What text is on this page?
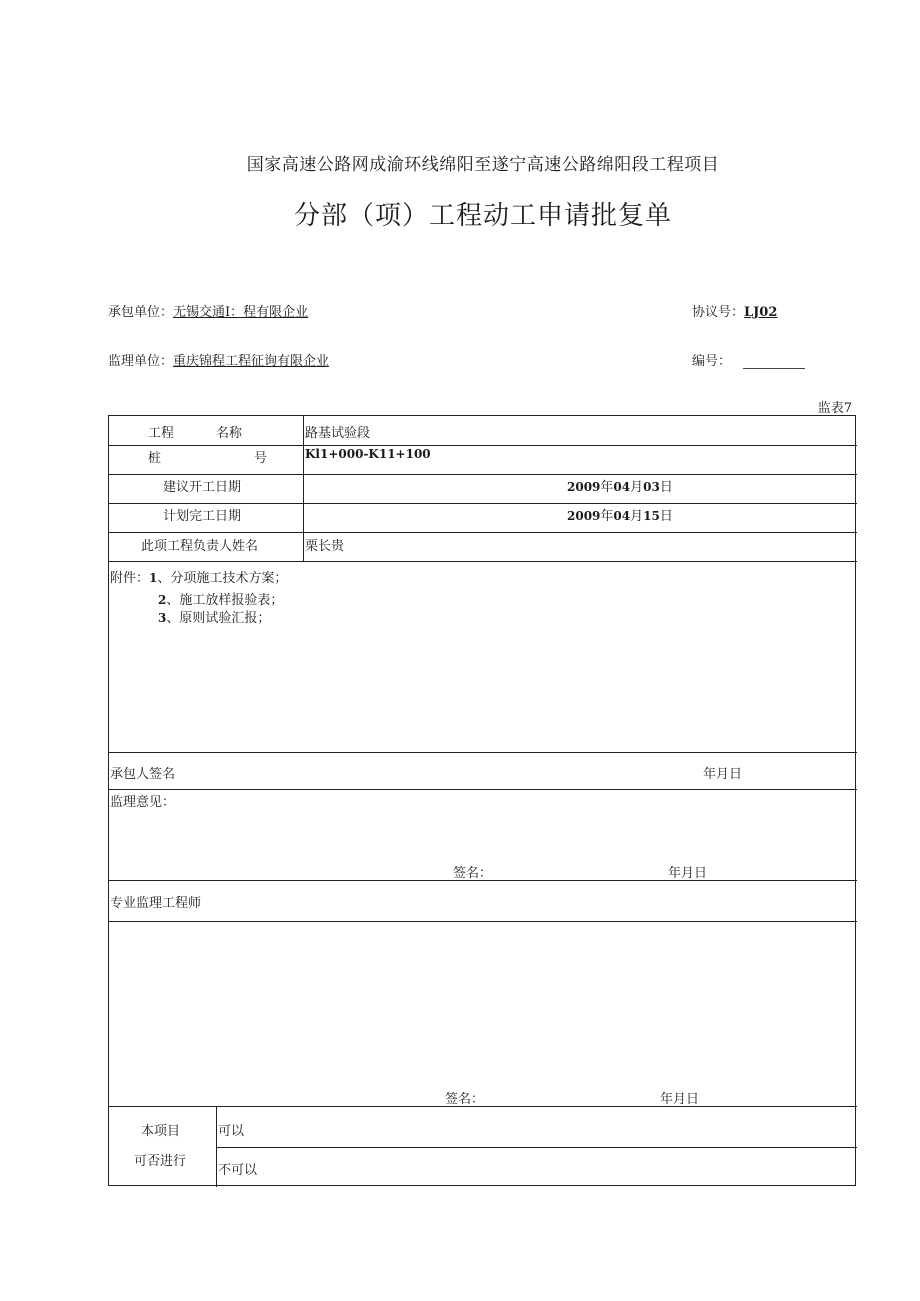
国家高速公路网成渝环线绵阳至遂宁高速公路绵阳段工程项目
分部（项）工程动工申请批复单
承包单位：无锡交通Ⅰ：程有限企业	协议号：LJ02
监理单位：重庆锦程工程征询有限企业	编号：
监表7
工程	名称	路基试验段
桩	号	Kl1+000-K11+100
建议开工日期	2009年04月03日
计划完工日期	2009年04月15日
此项工程负责人姓名	栗长贵
附件：1、分项施工技术方案；
2、施工放样报验表；
3、原则试验汇报；
承包人签名	年月日
监理意见：
签名：	年月日
专业监理工程师
签名：	年月日
本项目
可否进行
可以
不可以
